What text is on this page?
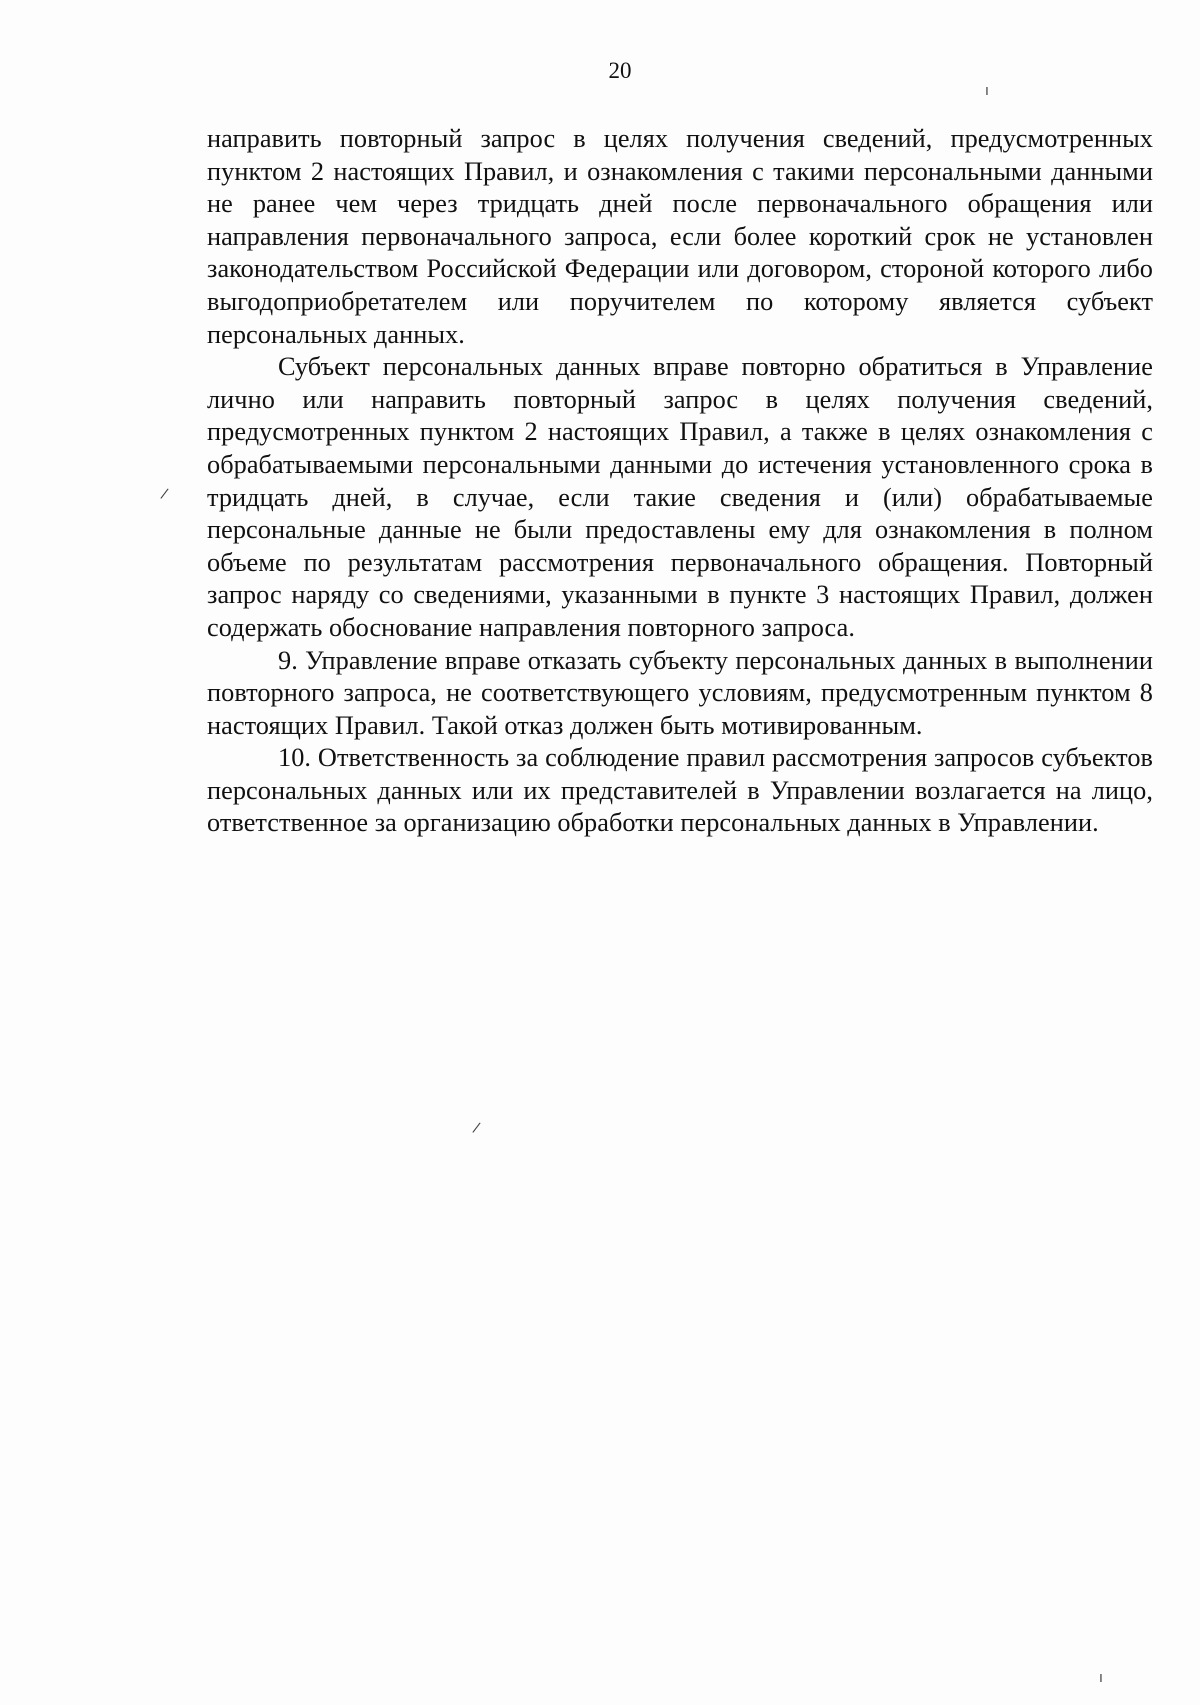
20

направить повторный запрос в целях получения сведений, предусмотренных пунктом 2 настоящих Правил, и ознакомления с такими персональными данными не ранее чем через тридцать дней после первоначального обращения или направления первоначального запроса, если более короткий срок не установлен законодательством Российской Федерации или договором, стороной которого либо выгодоприобретателем или поручителем по которому является субъект персональных данных.

Субъект персональных данных вправе повторно обратиться в Управление лично или направить повторный запрос в целях получения сведений, предусмотренных пунктом 2 настоящих Правил, а также в целях ознакомления с обрабатываемыми персональными данными до истечения установленного срока в тридцать дней, в случае, если такие сведения и (или) обрабатываемые персональные данные не были предоставлены ему для ознакомления в полном объеме по результатам рассмотрения первоначального обращения. Повторный запрос наряду со сведениями, указанными в пункте 3 настоящих Правил, должен содержать обоснование направления повторного запроса.

9. Управление вправе отказать субъекту персональных данных в выполнении повторного запроса, не соответствующего условиям, предусмотренным пунктом 8 настоящих Правил. Такой отказ должен быть мотивированным.

10. Ответственность за соблюдение правил рассмотрения запросов субъектов персональных данных или их представителей в Управлении возлагается на лицо, ответственное за организацию обработки персональных данных в Управлении.

ı
/
/
ı
